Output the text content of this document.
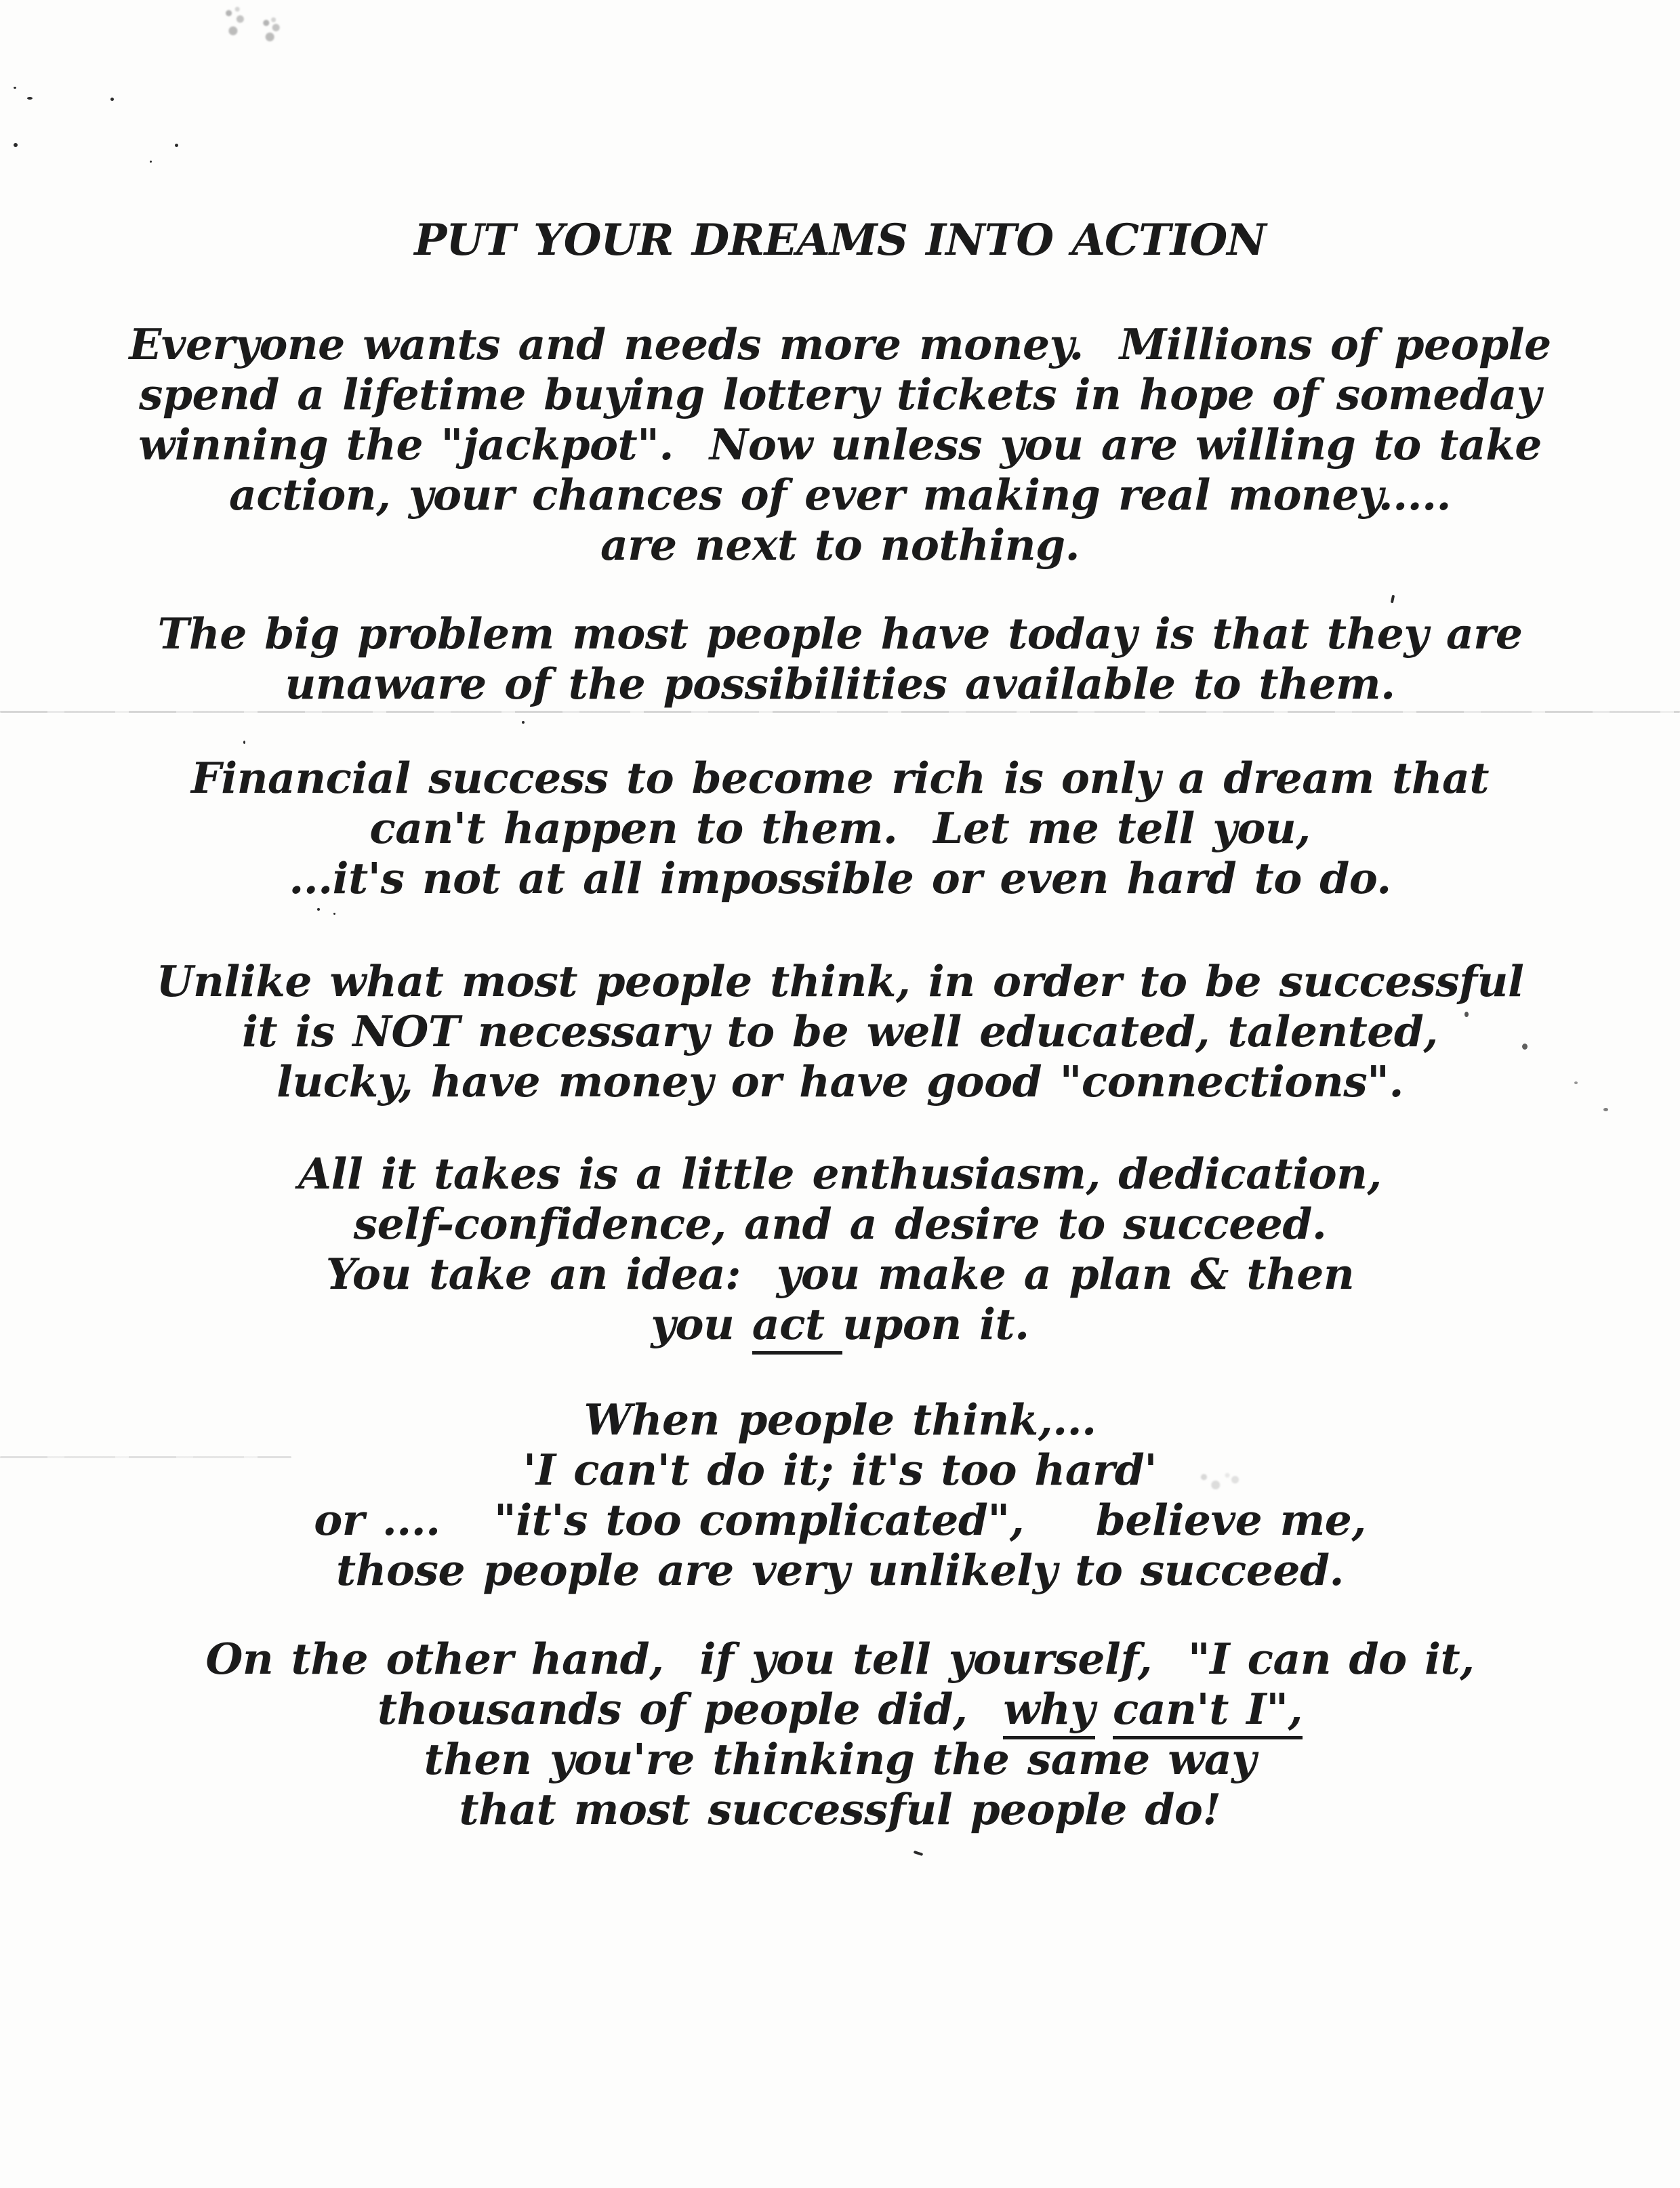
PUT YOUR DREAMS INTO ACTION
Everyone wants and needs more money.  Millions of people
spend a lifetime buying lottery tickets in hope of someday
winning the "jackpot".  Now unless you are willing to take
action, your chances of ever making real money.....
are next to nothing.
The big problem most people have today is that they are
unaware of the possibilities available to them.
Financial success to become rich is only a dream that
can't happen to them.  Let me tell you,
...it's not at all impossible or even hard to do.
Unlike what most people think, in order to be successful
it is NOT necessary to be well educated, talented,
lucky, have money or have good "connections".
All it takes is a little enthusiasm, dedication,
self-confidence, and a desire to succeed.
You take an idea:  you make a plan & then
you act upon it.
When people think,...
'I can't do it; it's too hard'
or ....   "it's too complicated",    believe me,
those people are very unlikely to succeed.
On the other hand,  if you tell yourself,  "I can do it,
thousands of people did,  why can't I",
then you're thinking the same way
that most successful people do!
